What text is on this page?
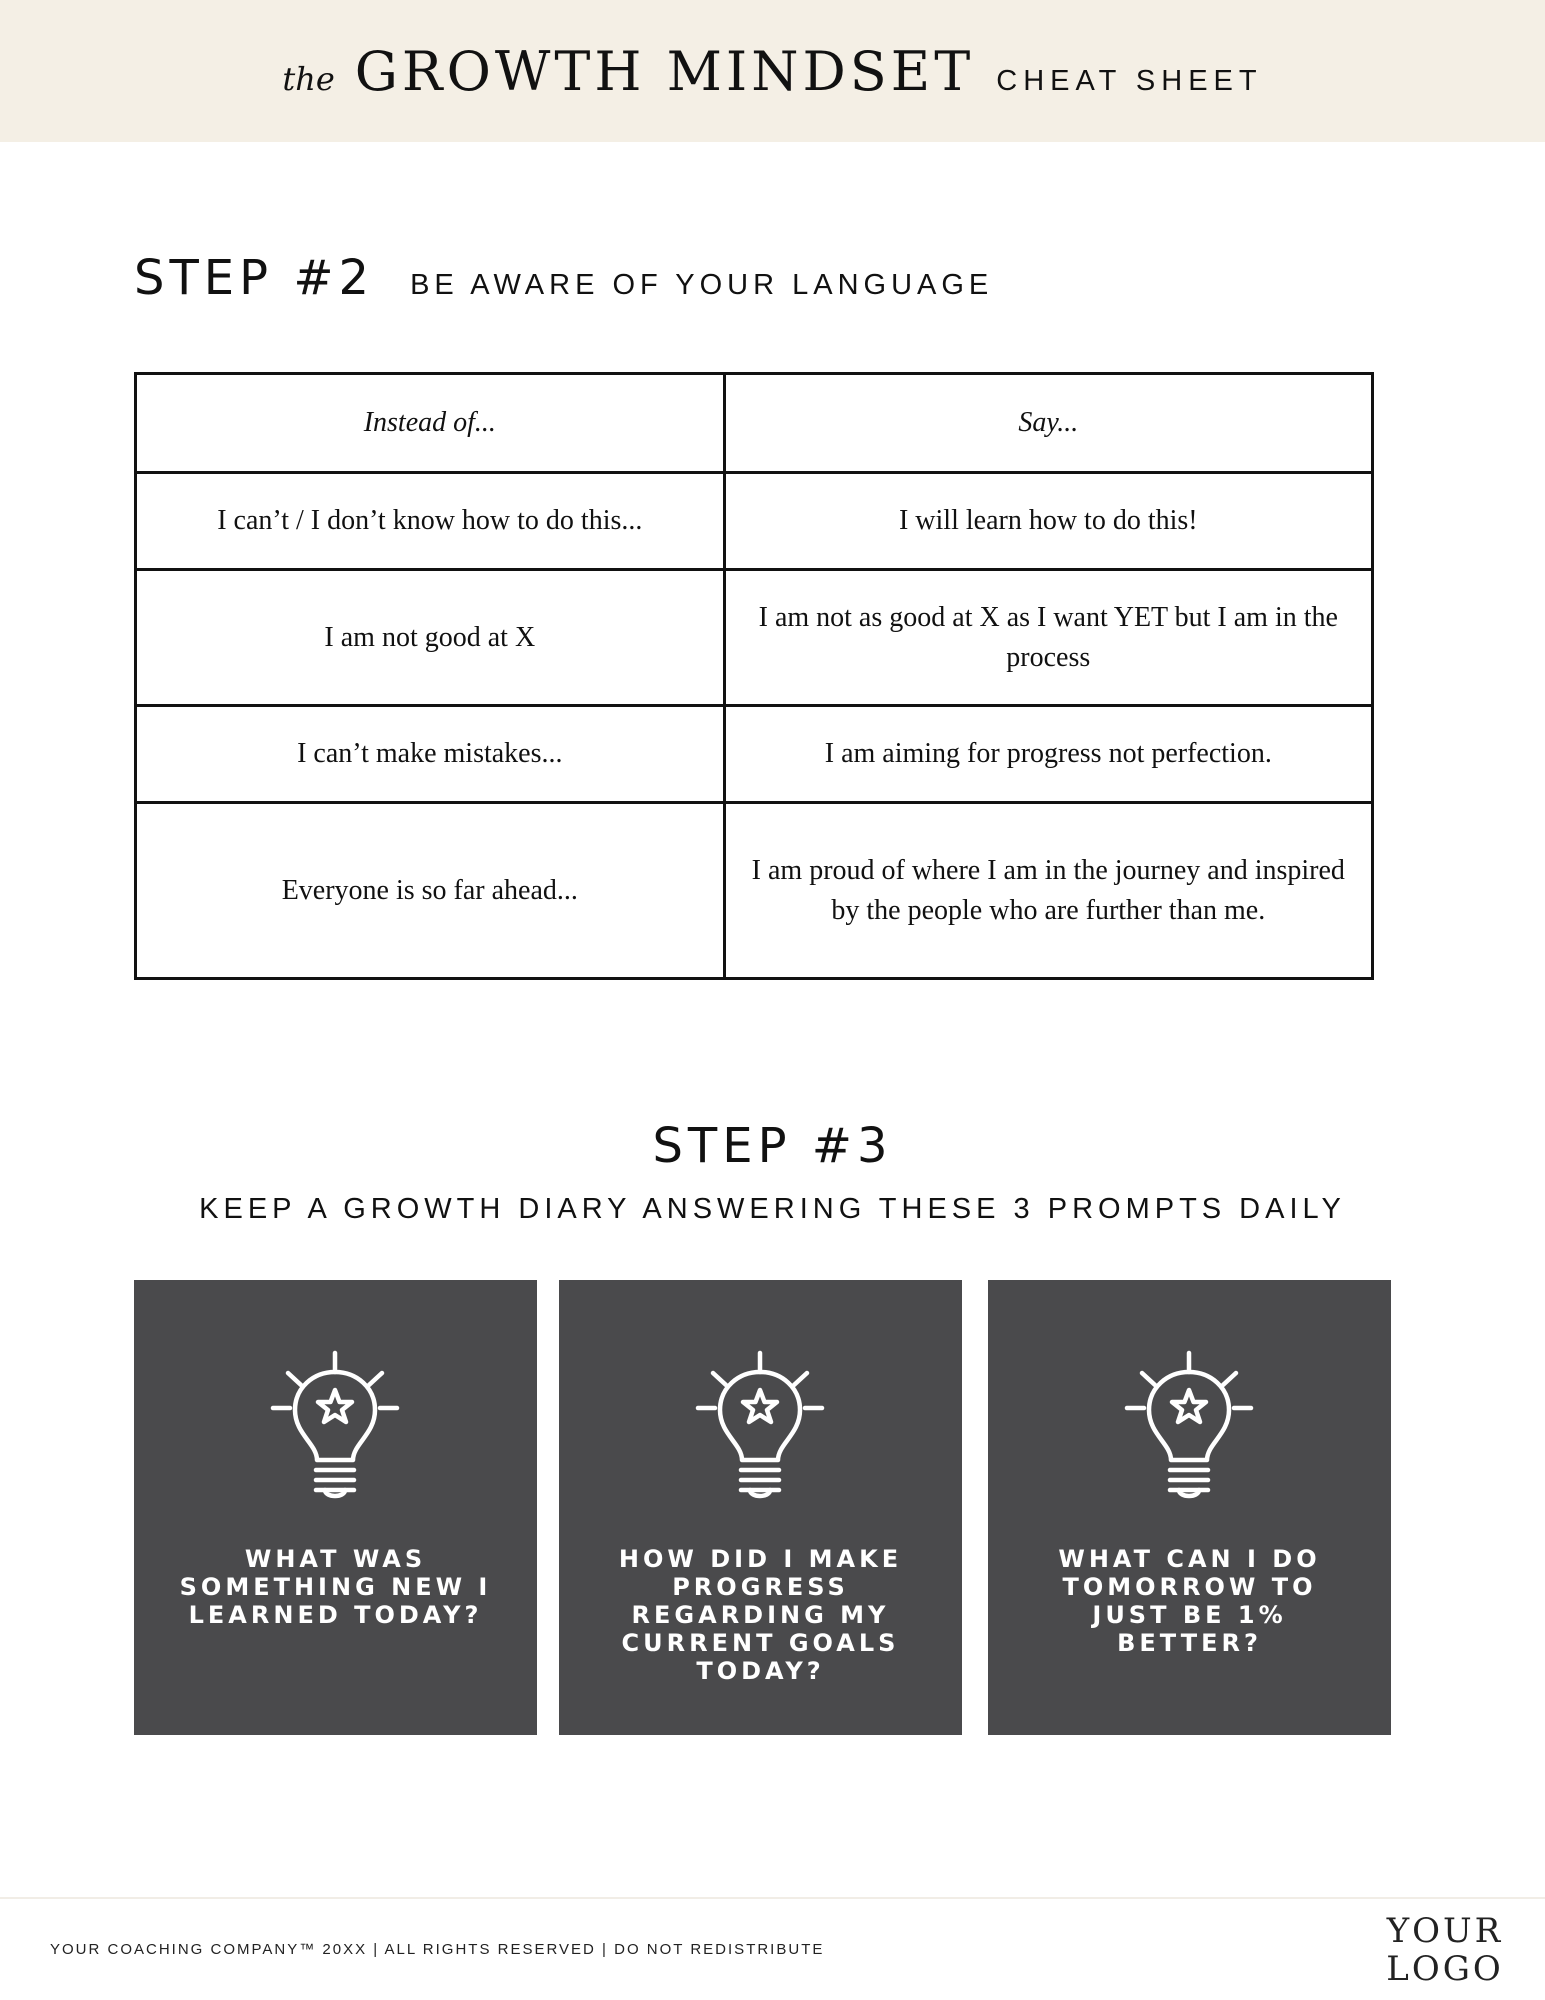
the GROWTH MINDSET CHEAT SHEET
STEP #2 BE AWARE OF YOUR LANGUAGE
Instead of...	Say...
I can’t / I don’t know how to do this...	I will learn how to do this!
I am not good at X	I am not as good at X as I want YET but I am in the process
I can’t make mistakes...	I am aiming for progress not perfection.
Everyone is so far ahead...	I am proud of where I am in the journey and inspired by the people who are further than me.
STEP #3
KEEP A GROWTH DIARY ANSWERING THESE 3 PROMPTS DAILY
WHAT WAS SOMETHING NEW I LEARNED TODAY?
HOW DID I MAKE PROGRESS REGARDING MY CURRENT GOALS TODAY?
WHAT CAN I DO TOMORROW TO JUST BE 1% BETTER?
YOUR COACHING COMPANY™ 20XX | ALL RIGHTS RESERVED | DO NOT REDISTRIBUTE	YOUR
LOGO
